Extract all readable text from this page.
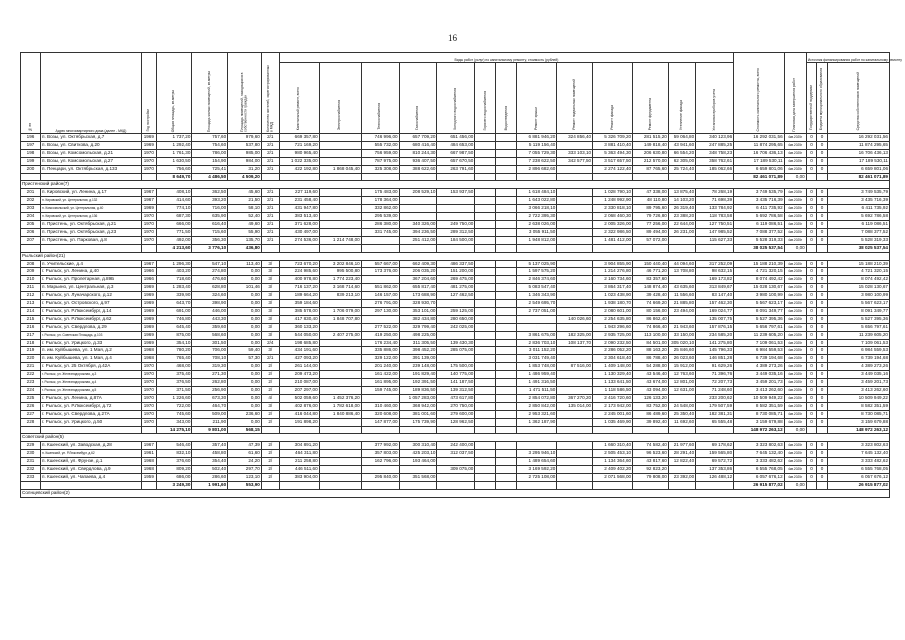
16
№ пп	Адрес многоквартирного дома (далее - МКД)	Год постройки	Общая площадь, кв.метры	Площадь жилых помещений, кв.метры	Площадь помещений, находящихся в собственности граждан	Количество жителей, зарегистрированных в МКД	Виды работ (услуг) по капитальному ремонту, стоимость (рублей)													Стоимость капитального ремонта, всего	Плановая дата завершения работ	Источник финансирования работ по капитальному ремонту		
							Капитальный ремонт, всего	Электроснабжения	Теплоснабжения	Газоснабжения	Холодного водоснабжения	Горячего водоснабжения	Водоотведения	Ремонт крыши	Ремонт подвальных помещений	Ремонт фасада	Ремонт фундамента	Утепление фасада	Установка приборов учета			Государственной поддержки	Бюджета муниципального образования	Средства собственников помещений
196	п. Возы, ул. Октябрьская, д.7	1969	1 737,20	757,60	979,60	2/1	669 357,80		746 996,00	657 709,20	651 456,00			6 881 946,20	324 856,40	5 326 709,20	281 515,20	59 064,80	340 123,96	16 292 031,56	4кв.2025г	0	0	16 292 031,56
197	п. Возы, ул. Свиткова, д.20	1969	1 292,40	754,60	537,80	2/1	721 169,20		555 732,00	680 416,40	484 653,00			5 119 156,40		3 881 410,40	149 818,40	43 941,60	247 885,25	11 874 295,65	4кв.2025г	0	0	11 874 295,65
198	п. Возы, ул. Комсомольская, д.21	1970	1 761,30	786,00	985,00	2/1	980 965,40		756 959,00	810 244,30	667 987,50			7 055 729,30	333 103,10	5 363 494,30	206 630,80	66 554,20	348 758,23	16 706 436,13	4кв.2025г	0	0	16 706 436,13
199	п. Возы, ул. Комсомольская, д.27	1970	1 630,50	154,90	984,00	2/1	1 022 335,00		787 975,00	936 407,50	657 670,50			7 238 622,50	342 577,50	3 517 657,50	212 570,00	62 305,00	358 762,61	17 189 530,11	4кв.2025г	0	0	17 189 530,11
200	п. Пенцари, ул. Октябрьская, д.133	1970	756,60	725,41	31,20	2/1	422 192,80	1 868 045,40	325 308,00	388 622,60	263 791,60			2 896 682,60		2 274 122,40	87 765,60	25 724,40	185 062,66	6 659 801,06	4кв.2025г	0	0	6 659 801,06
			8 649,70	4 486,50	4 509,20															82 461 071,89	0,00			82 461 071,89
Пристенский район(7)																								
201	п. Кировский, ул. Ленина, д.17	1967	408,10	362,50	45,60	2/1	227 119,60		175 483,00	208 529,10	153 937,50			1 618 484,10		1 028 790,10	47 338,00	13 875,40	78 268,19	3 749 535,79	4кв.2025г	0	0	3 749 535,79
202	п. Кировский, ул. Центральная, д.132	1967	414,60	393,20	21,50	2/1	231 458,40		178 364,00					1 643 022,80		1 248 992,90	48 110,80	14 103,20	71 698,39	3 435 716,39	4кв.2025г	0	0	3 435 716,39
203	п. Комсомольский, ул. Центральная, д.40	1969	774,10	716,00	58,10	2/1	431 947,80		332 862,00					3 066 218,10		2 330 818,10	89 795,60	26 319,40	133 784,92	6 411 735,92	4кв.2025г	0	0	6 411 735,92
204	п. Кировский, ул. Центральная, д.136	1970	687,30	635,90	52,40	2/1	383 513,40		295 539,00					2 722 395,30		2 068 460,30	79 726,80	23 388,20	118 783,58	5 692 786,58	4кв.2025г	0	0	5 692 786,58
205	п. Пристень, ул. Октябрьская, д.21	1970	666,00	616,40	49,60	2/1	371 628,00		286 380,00	340 326,00	249 750,00			2 638 026,00		2 005 326,00	77 256,00	22 644,00	127 750,51	6 119 086,51	4кв.2025г	0	0	6 119 086,51
206	п. Пристень, ул. Октябрьская, д.23	1970	771,50	715,60	55,90	2/1	430 497,00		331 745,00	394 236,50	289 312,50			3 055 911,50		2 322 986,50	89 494,00	26 231,00	147 985,52	7 088 377,52	4кв.2025г	0	0	7 088 377,52
207	п. Пристень, ул. Парковая, д.8	1970	492,00	356,30	135,70	2/1	274 536,00	1 214 748,00		251 412,00	184 500,00			1 948 812,00		1 481 412,00	57 072,00		115 627,33	5 528 319,33	4кв.2025г	0	0	5 528 319,33
			4 213,60	3 776,10	436,80															38 025 537,54	0,00			38 025 537,54
Рыльский район(21)																								
208	п. Учительские, д.4	1967	1 296,30	547,10	113,40	3/	723 670,20	3 202 846,10	557 667,00	662 409,30	486 337,50			5 137 025,90		3 904 855,90	150 440,40	44 094,60	317 252,09	15 188 210,39	4кв.2025г	0	0	15 188 210,39
209	г. Рыльск, ул. Ленина, д.40	1966	403,20	274,80	0,00	3/	224 985,60	995 500,80	173 376,00	206 035,20	151 200,00			1 597 575,20		1 214 276,80	46 771,20	13 708,80	98 632,15	4 721 320,15	4кв.2025г	0	0	4 721 320,15
210	г. Рыльск, ул. Пролетарная, д.89Б	1966	718,60	476,60	0,00	3/	400 978,80	1 774 223,40		367 204,60	269 475,00			2 846 374,60		2 160 734,60	83 357,60		169 173,82	8 074 492,42	4кв.2025г	0	0	8 074 492,42
211	п. Марьино, ул. Центральная, д.3	1969	1 283,40	628,80	101,46	3/	716 137,20	3 168 714,60	551 862,00	655 817,40	481 275,00			5 083 547,40		3 864 317,40	148 874,40	43 635,60	313 849,67	15 028 130,67	4кв.2025г	0	0	15 028 130,67
212	г. Рыльск, ул. Луначарского, д.12	1969	339,90	324,60	0,00	3/	189 664,20	839 213,10	146 157,00	173 688,90	127 462,50			1 346 343,90		1 023 438,90	39 428,40	11 556,60	83 147,40	3 980 100,99	4кв.2025г	0	0	3 980 100,99
213	г. Рыльск, ул. Островского, д.97	1969	643,70	398,90	0,00	3/	359 184,60		276 791,00	328 930,70				2 549 695,70		1 938 180,70	74 669,20	21 885,80	157 462,30	5 567 623,17	4кв.2025г	0	0	5 567 623,17
214	г. Рыльск, ул. Р.Люксембург, д.14	1969	691,00	446,00	0,00	3/	385 578,00	1 706 079,00	297 130,00	353 101,00	259 125,00			2 737 051,00		2 080 601,00	80 156,00	23 494,00	169 024,77	8 091 349,77	4кв.2025г	0	0	8 091 349,77
215	г. Рыльск, ул. Р.Люксембург, д.62	1969	746,80	443,30	0,00	3/	417 830,40	1 848 707,80		382 434,80	280 650,00				140 026,60	2 254 635,80	86 862,40		135 007,75	5 527 395,36	4кв.2025г	0	0	5 527 395,36
216	г. Рыльск, ул. Свердлова, д.29	1969	645,40	359,60	0,00	3/	360 133,20		277 522,00	329 799,40	242 025,00					1 943 296,60	74 866,40	21 943,60	157 876,15	5 656 797,61	4кв.2025г	0	0	5 656 797,61
217	г. Рыльск, ул. Советская Площадь, д.103	1969	875,00	568,60	0,00	3/	544 050,00	2 407 275,00	419 250,00	498 225,00				3 861 675,00	182 325,00	2 935 725,00	113 100,00	33 150,00	234 585,20	11 239 605,20	4кв.2025г	0	0	11 239 605,20
218	г. Рыльск, ул. Урицкого, д.33	1969	354,10	301,50	0,00	2/4	198 685,80		176 234,40	311 305,50	139 430,30			2 836 703,10	108 137,70	2 090 232,50	84 501,00	305 020,10	141 275,80	7 109 061,53	4кв.2025г	0	0	7 109 061,53
219	п. им. Куйбышева, ул. 1 Мая, д.2	1968	780,20	706,00	59,40	3/	434 191,60		335 886,00	398 452,20	285 075,00			3 011 152,20		2 286 052,20	88 163,20	25 846,60	145 796,33	6 984 559,53	4кв.2025г	0	0	6 984 559,53
220	п. им. Куйбышева, ул. 1 Мая, д.4	1968	765,40	708,10	57,30	2/1	427 093,20		329 122,00	391 139,00				3 031 749,40		2 304 618,40	86 788,40	26 023,60	146 851,28	6 739 194,68	4кв.2025г	0	0	6 739 194,68
221	г. Рыльск, ул. 25 Октября, д.42А	1970	468,00	319,30	0,00	2/	261 144,00		201 240,00	239 148,00	175 500,00			1 853 748,00	87 516,00	1 409 148,00	54 288,00	15 912,00	91 629,26	4 389 273,26	4кв.2025г	0	0	4 389 273,26
222	г. Рыльск, ул. Железнодорожная, д.3	1970	375,40	271,30	0,00	2/	209 473,20		161 422,00	191 829,40	140 775,00			1 486 959,40		1 130 329,40	43 546,40	12 763,60	71 396,76	3 449 035,16	4кв.2025г	0	0	3 449 035,16
223	г. Рыльск, ул. Железнодорожная, д.4	1970	376,50	262,80	0,00	2/	210 087,00		161 895,00	192 391,50	141 187,50			1 491 316,50		1 133 641,50	43 674,00	12 801,00	72 207,73	3 459 201,73	4кв.2025г	0	0	3 459 201,73
224	г. Рыльск, ул. Железнодорожная, д.5	1970	371,50	256,90	0,00	2/	207 297,00		159 745,00	189 836,50	139 312,50			1 471 511,50		1 118 586,50	43 094,00	12 631,00	71 248,60	3 413 262,60	4кв.2025г	0	0	3 413 262,60
225	г. Рыльск, ул. Ленина, д.87А	1970	1 226,60	673,30	0,00	4/	502 059,60	1 452 376,20		1 057 283,00	473 617,80			2 854 072,80	367 270,20	2 416 720,60	126 133,20		233 200,62	10 509 949,22	4кв.2025г	0	0	10 509 949,22
226	г. Рыльск, ул. Р.Люксембург, д.72	1970	722,00	464,70	0,00	3/	402 876,00	1 782 618,00	310 460,00	368 942,00	270 750,00			2 850 842,00	135 014,00	2 173 942,00	83 752,00	24 548,00	179 507,59	8 582 351,59	4кв.2025г	0	0	8 582 351,59
227	г. Рыльск, ул. Свердлова, д.27А	1970	745,60	509,00	236,60	2/	416 044,80	1 840 886,40	320 608,00	381 001,60	279 600,00			2 953 321,60		2 245 001,60	86 489,60	25 350,40	182 381,31	8 730 085,71	4кв.2025г	0	0	8 730 085,71
228	г. Рыльск, ул. Урицкого, д.50	1970	343,00	211,90	0,00	2/	191 898,20		147 877,00	175 739,90	128 962,50			1 362 187,90		1 035 469,90	39 892,40	11 692,60	65 555,48	3 159 679,88	4кв.2025г	0	0	3 159 679,88
			14 275,10	9 801,00	568,15															148 972 263,12	0,00			148 972 263,12
Советский район(5)																								
229	п. Кшенский, ул. Заводская, д.28	1967	546,40	357,40	47,39	2/	304 891,20		377 992,00	300 310,40	242 400,00					1 660 310,40	74 582,40	21 977,60	69 178,62	3 323 802,63	4кв.2025г	0	0	3 323 802,63
230	п. Кшенский, ул. Р.Люксембург, д.62	1961	832,10	458,80	61,60	2/	464 311,80		357 803,00	425 203,10	312 037,50			3 295 946,10		2 505 453,10	96 523,60	28 291,40	159 565,80	7 645 132,40	4кв.2025г	0	0	7 645 132,40
231	п. Кшенский, ул. Фрунзе, д.1	1968	376,60	354,40	24,20	2/	211 258,80		162 796,00	193 464,00				1 489 654,60		1 134 364,60	43 817,60	12 822,40	69 572,72	3 333 482,62	4кв.2025г	0	0	3 333 482,62
232	п. Кшенский, ул. Свердлова, д.9	1968	809,20	502,40	297,70	2/	446 511,60				309 075,00			3 169 592,20		2 409 402,20	92 823,20		137 353,86	6 555 768,05	4кв.2025г	0	0	6 555 768,05
233	п. Кшенский, ул. Чапаева, д.4	1959	686,00	286,60	123,10	2/	383 904,00		295 840,00	351 568,00				2 725 108,00		2 071 568,00	79 808,00	23 392,00	126 488,12	6 057 676,12	4кв.2025г	0	0	6 057 676,12
			3 249,30	1 991,60	553,90															26 915 877,02	0,00			26 915 877,02
Солнцевский район(2)																								
